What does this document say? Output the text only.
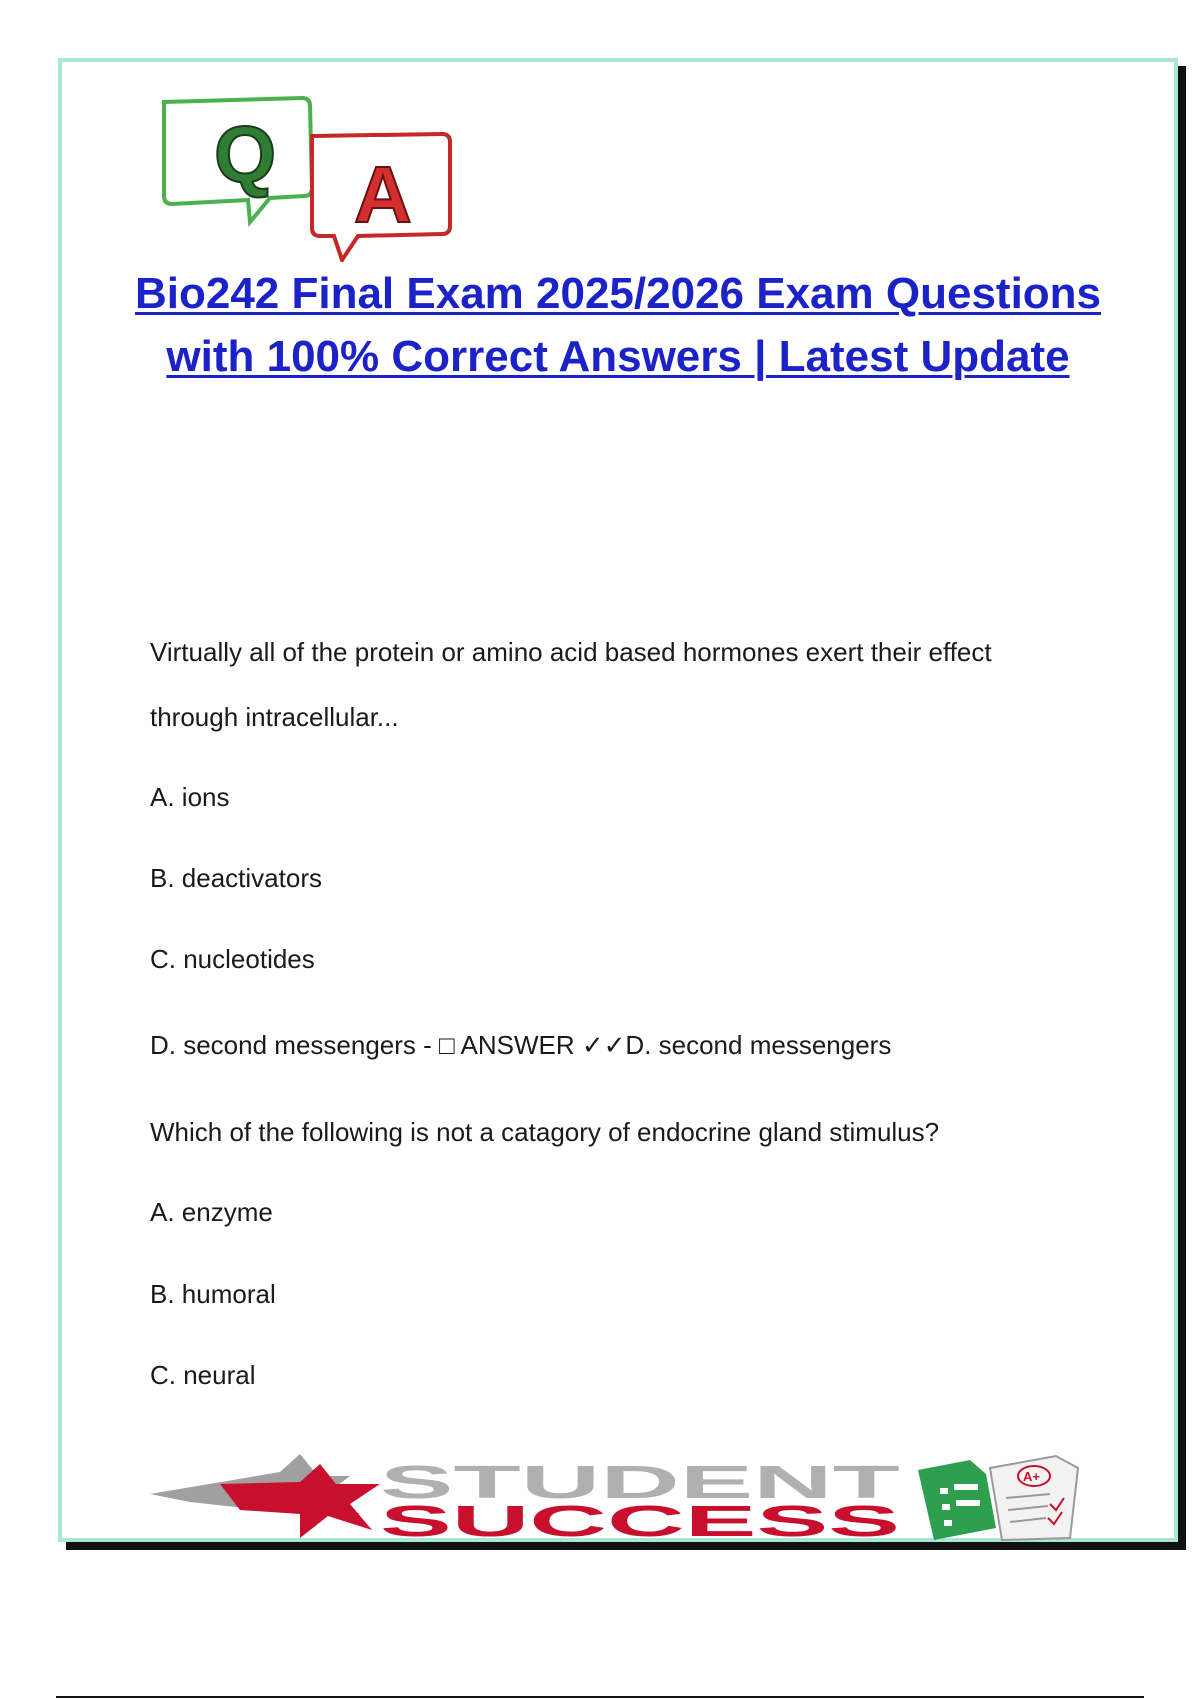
Q A
Bio242 Final Exam 2025/2026 Exam Questions with 100% Correct Answers | Latest Update
Virtually all of the protein or amino acid based hormones exert their effect
through intracellular...
A. ions
B. deactivators
C. nucleotides
D. second messengers - □ ANSWER ✓✓D. second messengers
Which of the following is not a catagory of endocrine gland stimulus?
A. enzyme
B. humoral
C. neural
STUDENT
SUCCESS
A+
